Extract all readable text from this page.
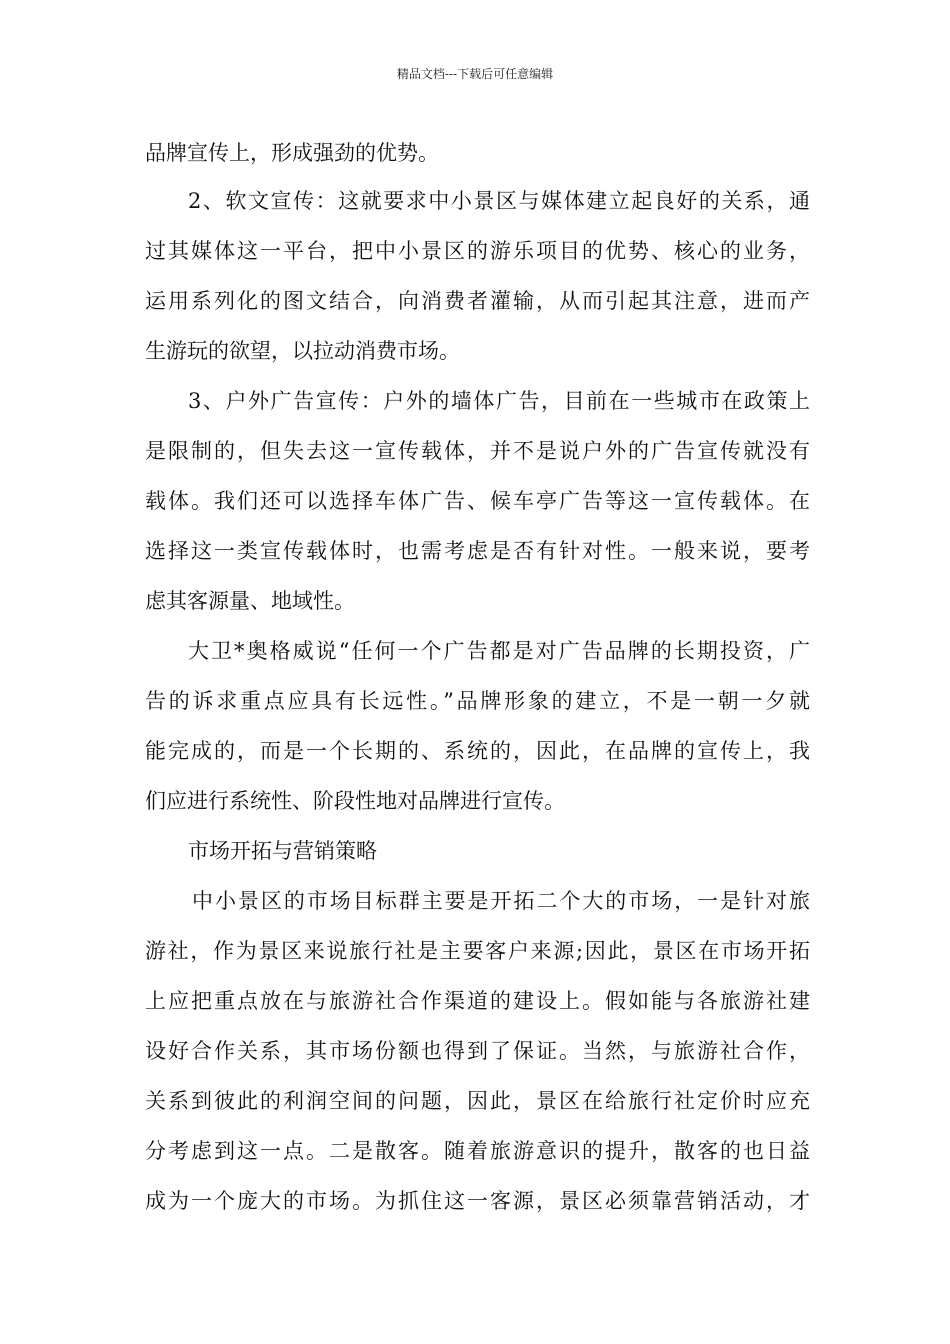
精品文档---下载后可任意编辑
品牌宣传上，形成强劲的优势。
2、软文宣传：这就要求中小景区与媒体建立起良好的关系，通
过其媒体这一平台，把中小景区的游乐项目的优势、核心的业务，
运用系列化的图文结合，向消费者灌输，从而引起其注意，进而产
生游玩的欲望，以拉动消费市场。
3、户外广告宣传：户外的墙体广告，目前在一些城市在政策上
是限制的，但失去这一宣传载体，并不是说户外的广告宣传就没有
载体。我们还可以选择车体广告、候车亭广告等这一宣传载体。在
选择这一类宣传载体时，也需考虑是否有针对性。一般来说，要考
虑其客源量、地域性。
大卫*奥格威说“任何一个广告都是对广告品牌的长期投资，广
告的诉求重点应具有长远性。”品牌形象的建立，不是一朝一夕就
能完成的，而是一个长期的、系统的，因此，在品牌的宣传上，我
们应进行系统性、阶段性地对品牌进行宣传。
市场开拓与营销策略
中小景区的市场目标群主要是开拓二个大的市场，一是针对旅
游社，作为景区来说旅行社是主要客户来源;因此，景区在市场开拓
上应把重点放在与旅游社合作渠道的建设上。假如能与各旅游社建
设好合作关系，其市场份额也得到了保证。当然，与旅游社合作，
关系到彼此的利润空间的问题，因此，景区在给旅行社定价时应充
分考虑到这一点。二是散客。随着旅游意识的提升，散客的也日益
成为一个庞大的市场。为抓住这一客源，景区必须靠营销活动，才
